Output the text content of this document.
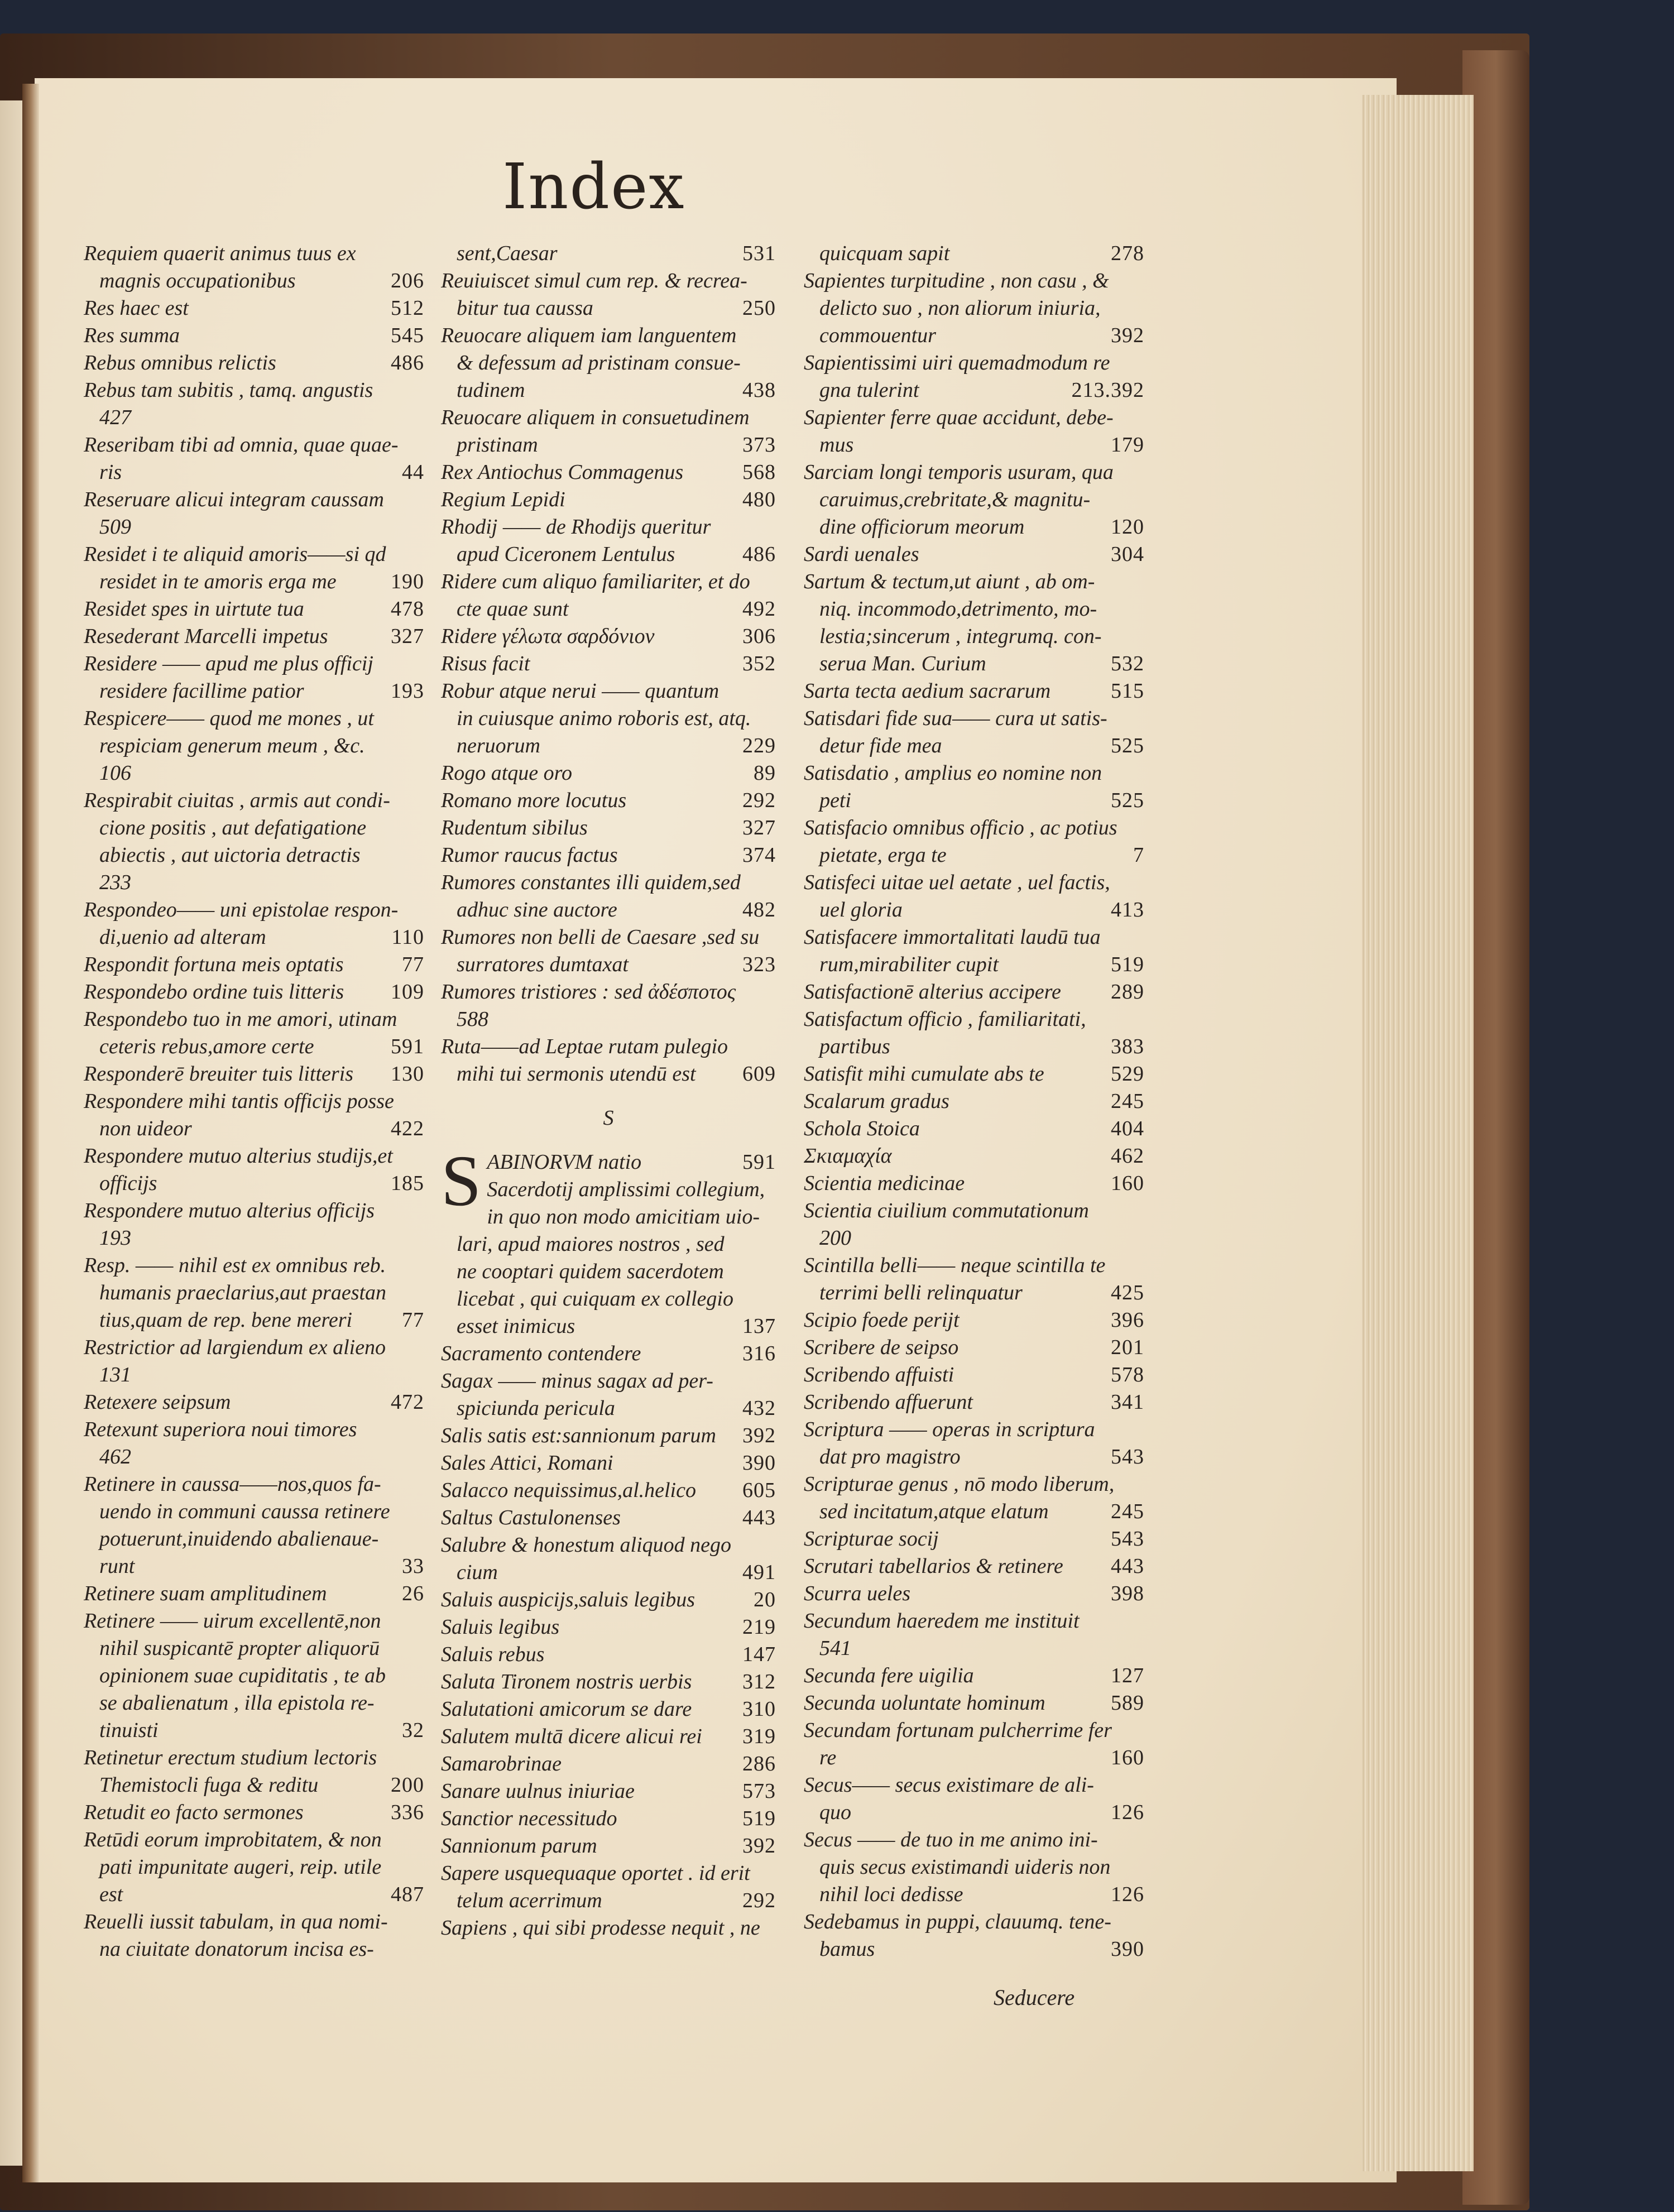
Index
Requiem quaerit animus tuus ex
magnis occupationibus	206
Res haec est	512
Res summa	545
Rebus omnibus relictis	486
Rebus tam subitis , tamq. angustis
427
Reseribam tibi ad omnia, quae quae-
ris	44
Reseruare alicui integram caussam
509
Residet i te aliquid amoris——si qd
residet in te amoris erga me	190
Residet spes in uirtute tua	478
Resederant Marcelli impetus	327
Residere —— apud me plus officij
residere facillime patior	193
Respicere—— quod me mones , ut
respiciam generum meum , &c.
106
Respirabit ciuitas , armis aut condi-
cione positis , aut defatigatione
abiectis , aut uictoria detractis
233
Respondeo—— uni epistolae respon-
di,uenio ad alteram	110
Respondit fortuna meis optatis	77
Respondebo ordine tuis litteris 109
Respondebo tuo in me amori, utinam
ceteris rebus,amore certe	591
Responderē breuiter tuis litteris 130
Respondere mihi tantis officijs posse
non uideor	422
Respondere mutuo alterius studijs,et
officijs	185
Respondere mutuo alterius officijs
193
Resp. —— nihil est ex omnibus reb.
humanis praeclarius,aut praestan
tius,quam de rep. bene mereri 77
Restrictior ad largiendum ex alieno
131
Retexere seipsum	472
Retexunt superiora noui timores
462
Retinere in caussa——nos,quos fa-
uendo in communi caussa retinere
potuerunt,inuidendo abalienaue-
runt	33
Retinere suam amplitudinem	26
Retinere —— uirum excellentē,non
nihil suspicantē propter aliquorū
opinionem suae cupiditatis , te ab
se abalienatum , illa epistola re-
tinuisti	32
Retinetur erectum studium lectoris
Themistocli fuga & reditu	200
Retudit eo facto sermones	336
Retūdi eorum improbitatem, & non
pati impunitate augeri, reip. utile
est	487
Reuelli iussit tabulam, in qua nomi-
na ciuitate donatorum incisa es-
sent,Caesar	531
Reuiuiscet simul cum rep. & recrea-
bitur tua caussa	250
Reuocare aliquem iam languentem
& defessum ad pristinam consue-
tudinem	438
Reuocare aliquem in consuetudinem
pristinam	373
Rex Antiochus Commagenus	568
Regium Lepidi	480
Rhodij —— de Rhodijs queritur
apud Ciceronem Lentulus	486
Ridere cum aliquo familiariter, et do
cte quae sunt	492
Ridere γέλωτα σαρδόνιον	306
Risus facit	352
Robur atque nerui —— quantum
in cuiusque animo roboris est, atq.
neruorum	229
Rogo atque oro	89
Romano more locutus	292
Rudentum sibilus	327
Rumor raucus factus	374
Rumores constantes illi quidem,sed
adhuc sine auctore	482
Rumores non belli de Caesare ,sed su
surratores dumtaxat	323
Rumores tristiores : sed ἀδέσποτος
588
Ruta——ad Leptae rutam pulegio
mihi tui sermonis utendū est 609
S
SABINORVM natio	591
Sacerdotij amplissimi collegium,
in quo non modo amicitiam uio-
lari, apud maiores nostros , sed
ne cooptari quidem sacerdotem
licebat , qui cuiquam ex collegio
esset inimicus	137
Sacramento contendere	316
Sagax —— minus sagax ad per-
spiciunda pericula	432
Salis satis est:sannionum parum 392
Sales Attici, Romani	390
Salacco nequissimus,al.helico 605
Saltus Castulonenses	443
Salubre & honestum aliquod nego
cium	491
Saluis auspicijs,saluis legibus	20
Saluis legibus	219
Saluis rebus	147
Saluta Tironem nostris uerbis 312
Salutationi amicorum se dare 310
Salutem multā dicere alicui rei 319
Samarobrinae	286
Sanare uulnus iniuriae	573
Sanctior necessitudo	519
Sannionum parum	392
Sapere usquequaque oportet . id erit
telum acerrimum	292
Sapiens , qui sibi prodesse nequit , ne
quicquam sapit	278
Sapientes turpitudine , non casu , &
delicto suo , non aliorum iniuria,
commouentur	392
Sapientissimi uiri quemadmodum re
gna tulerint	213.392
Sapienter ferre quae accidunt, debe-
mus	179
Sarciam longi temporis usuram, qua
caruimus,crebritate,& magnitu-
dine officiorum meorum	120
Sardi uenales	304
Sartum & tectum,ut aiunt , ab om-
niq. incommodo,detrimento, mo-
lestia;sincerum , integrumq. con-
serua Man. Curium	532
Sarta tecta aedium sacrarum	515
Satisdari fide sua—— cura ut satis-
detur fide mea	525
Satisdatio , amplius eo nomine non
peti	525
Satisfacio omnibus officio , ac potius
pietate, erga te	7
Satisfeci uitae uel aetate , uel factis,
uel gloria	413
Satisfacere immortalitati laudū tua
rum,mirabiliter cupit	519
Satisfactionē alterius accipere 289
Satisfactum officio , familiaritati,
partibus	383
Satisfit mihi cumulate abs te	529
Scalarum gradus	245
Schola Stoica	404
Σκιαμαχία	462
Scientia medicinae	160
Scientia ciuilium commutationum
200
Scintilla belli—— neque scintilla te
terrimi belli relinquatur	425
Scipio foede perijt	396
Scribere de seipso	201
Scribendo affuisti	578
Scribendo affuerunt	341
Scriptura —— operas in scriptura
dat pro magistro	543
Scripturae genus , nō modo liberum,
sed incitatum,atque elatum	245
Scripturae socij	543
Scrutari tabellarios & retinere 443
Scurra ueles	398
Secundum haeredem me instituit
541
Secunda fere uigilia	127
Secunda uoluntate hominum	589
Secundam fortunam pulcherrime fer
re	160
Secus—— secus existimare de ali-
quo	126
Secus —— de tuo in me animo ini-
quis secus existimandi uideris non
nihil loci dedisse	126
Sedebamus in puppi, clauumq. tene-
bamus	390
Seducere
